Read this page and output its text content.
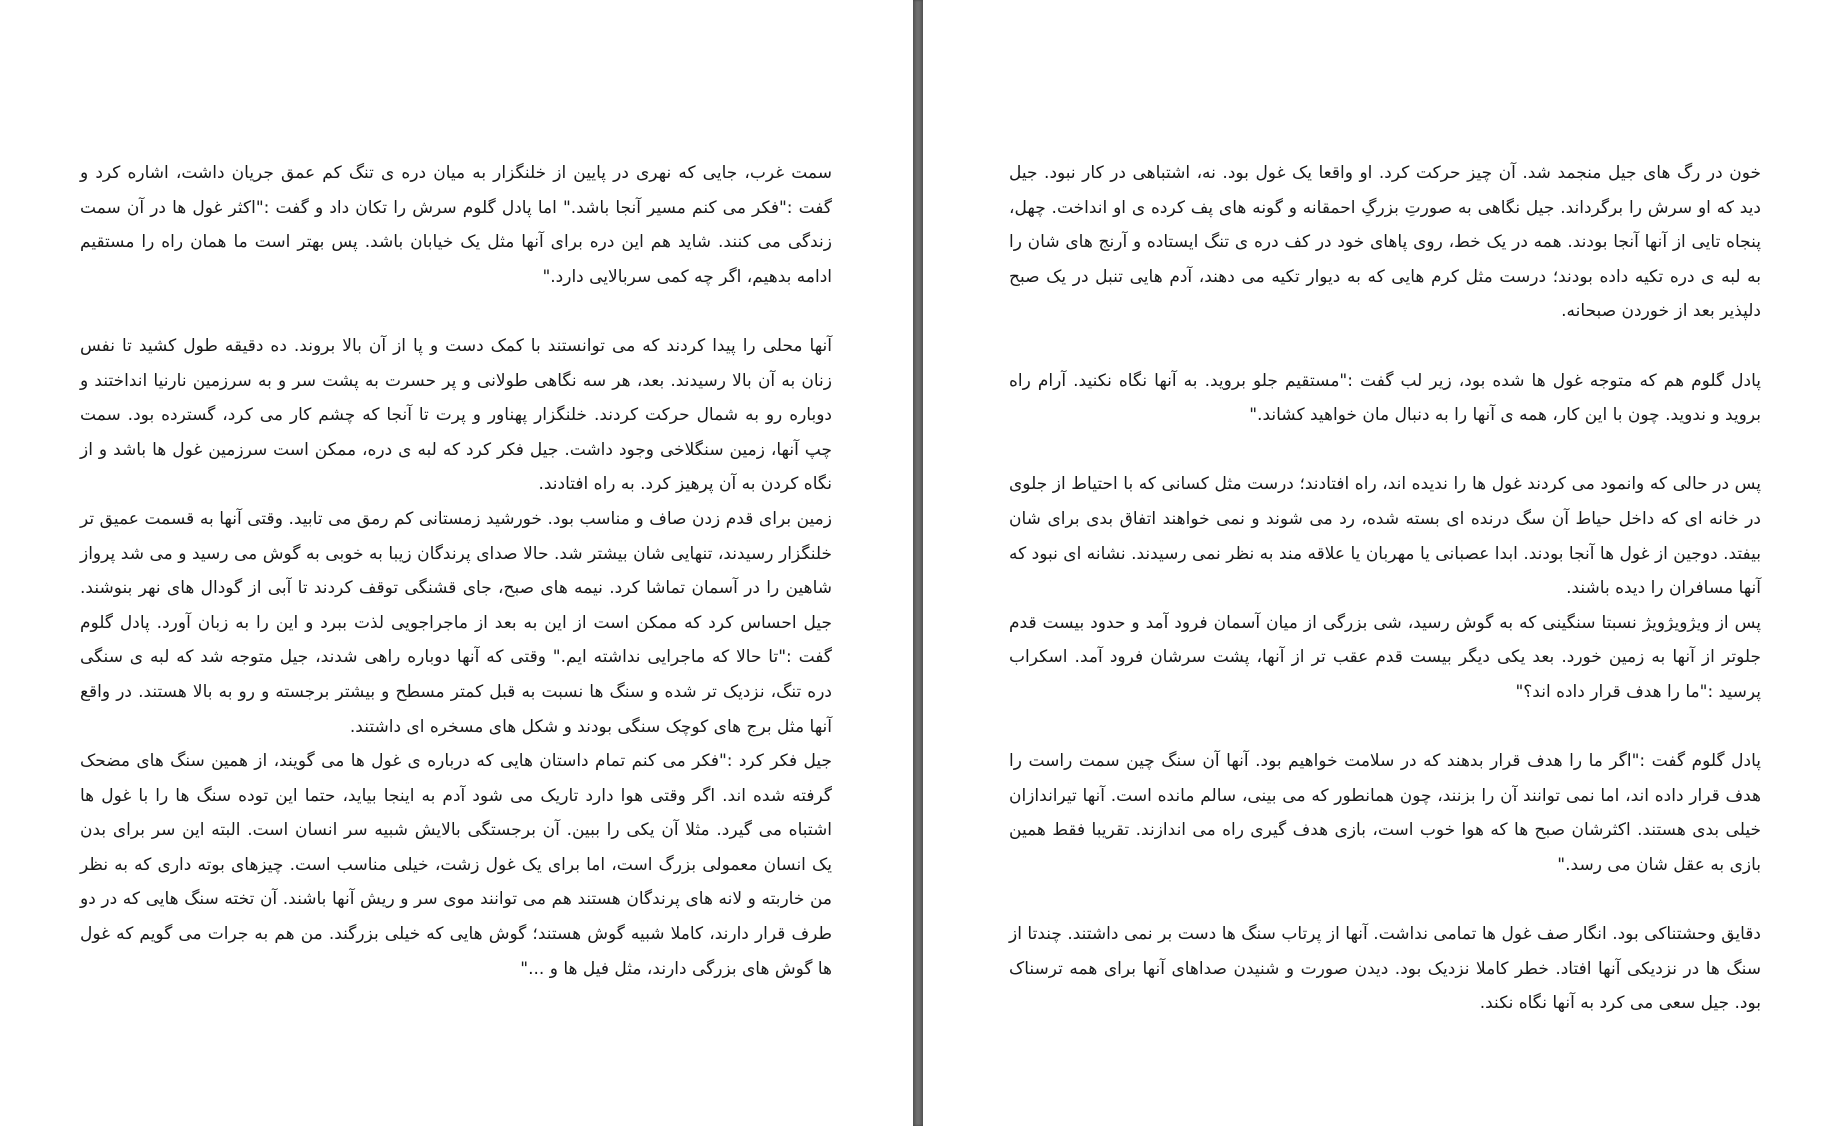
سمت غرب، جایی که نهری در پایین از خلنگزار به میان دره ی تنگ کم عمق جریان داشت، اشاره کرد و گفت :"فکر می کنم مسیر آنجا باشد." اما پادل گلوم سرش را تکان داد و گفت :"اکثر غول ها در آن سمت زندگی می کنند. شاید هم این دره برای آنها مثل یک خیابان باشد. پس بهتر است ما همان راه را مستقیم ادامه بدهیم، اگر چه کمی سربالایی دارد."

آنها محلی را پیدا کردند که می توانستند با کمک دست و پا از آن بالا بروند. ده دقیقه طول کشید تا نفس زنان به آن بالا رسیدند. بعد، هر سه نگاهی طولانی و پر حسرت به پشت سر و به سرزمین نارنیا انداختند و دوباره رو به شمال حرکت کردند. خلنگزار پهناور و پرت تا آنجا که چشم کار می کرد، گسترده بود. سمت چپ آنها، زمین سنگلاخی وجود داشت. جیل فکر کرد که لبه ی دره، ممکن است سرزمین غول ها باشد و از نگاه کردن به آن پرهیز کرد. به راه افتادند.

زمین برای قدم زدن صاف و مناسب بود. خورشید زمستانی کم رمق می تابید. وقتی آنها به قسمت عمیق تر خلنگزار رسیدند، تنهایی شان بیشتر شد. حالا صدای پرندگان زیبا به خوبی به گوش می رسید و می شد پرواز شاهین را در آسمان تماشا کرد. نیمه های صبح، جای قشنگی توقف کردند تا آبی از گودال های نهر بنوشند. جیل احساس کرد که ممکن است از این به بعد از ماجراجویی لذت ببرد و این را به زبان آورد. پادل گلوم گفت :"تا حالا که ماجرایی نداشته ایم." وقتی که آنها دوباره راهی شدند، جیل متوجه شد که لبه ی سنگی دره تنگ، نزدیک تر شده و سنگ ها نسبت به قبل کمتر مسطح و بیشتر برجسته و رو به بالا هستند. در واقع آنها مثل برج های کوچک سنگی بودند و شکل های مسخره ای داشتند.

جیل فکر کرد :"فکر می کنم تمام داستان هایی که درباره ی غول ها می گویند، از همین سنگ های مضحک گرفته شده اند. اگر وقتی هوا دارد تاریک می شود آدم به اینجا بیاید، حتما این توده سنگ ها را با غول ها اشتباه می گیرد. مثلا آن یکی را ببین. آن برجستگی بالایش شبیه سر انسان است. البته این سر برای بدن یک انسان معمولی بزرگ است، اما برای یک غول زشت، خیلی مناسب است. چیزهای بوته داری که به نظر من خاربته و لانه های پرندگان هستند هم می توانند موی سر و ریش آنها باشند. آن تخته سنگ هایی که در دو طرف قرار دارند، کاملا شبیه گوش هستند؛ گوش هایی که خیلی بزرگند. من هم به جرات می گویم که غول ها گوش های بزرگی دارند، مثل فیل ها و ..."

خون در رگ های جیل منجمد شد. آن چیز حرکت کرد. او واقعا یک غول بود. نه، اشتباهی در کار نبود. جیل دید که او سرش را برگرداند. جیل نگاهی به صورتِ بزرگِ احمقانه و گونه های پف کرده ی او انداخت. چهل، پنجاه تایی از آنها آنجا بودند. همه در یک خط، روی پاهای خود در کف دره ی تنگ ایستاده و آرنج های شان را به لبه ی دره تکیه داده بودند؛ درست مثل کرم هایی که به دیوار تکیه می دهند، آدم هایی تنبل در یک صبح دلپذیر بعد از خوردن صبحانه.

پادل گلوم هم که متوجه غول ها شده بود، زیر لب گفت :"مستقیم جلو بروید. به آنها نگاه نکنید. آرام راه بروید و ندوید. چون با این کار، همه ی آنها را به دنبال مان خواهید کشاند."

پس در حالی که وانمود می کردند غول ها را ندیده اند، راه افتادند؛ درست مثل کسانی که با احتیاط از جلوی در خانه ای که داخل حیاط آن سگ درنده ای بسته شده، رد می شوند و نمی خواهند اتفاق بدی برای شان بیفتد. دوجین از غول ها آنجا بودند. ابدا عصبانی یا مهربان یا علاقه مند به نظر نمی رسیدند. نشانه ای نبود که آنها مسافران را دیده باشند.

پس از ویژویژویژ نسبتا سنگینی که به گوش رسید، شی بزرگی از میان آسمان فرود آمد و حدود بیست قدم جلوتر از آنها به زمین خورد. بعد یکی دیگر بیست قدم عقب تر از آنها، پشت سرشان فرود آمد. اسکراب پرسید :"ما را هدف قرار داده اند؟"

پادل گلوم گفت :"اگر ما را هدف قرار بدهند که در سلامت خواهیم بود. آنها آن سنگ چین سمت راست را هدف قرار داده اند، اما نمی توانند آن را بزنند، چون همانطور که می بینی، سالم مانده است. آنها تیراندازان خیلی بدی هستند. اکثرشان صبح ها که هوا خوب است، بازی هدف گیری راه می اندازند. تقریبا فقط همین بازی به عقل شان می رسد."

دقایق وحشتناکی بود. انگار صف غول ها تمامی نداشت. آنها از پرتاب سنگ ها دست بر نمی داشتند. چندتا از سنگ ها در نزدیکی آنها افتاد. خطر کاملا نزدیک بود. دیدن صورت و شنیدن صداهای آنها برای همه ترسناک بود. جیل سعی می کرد به آنها نگاه نکند.
